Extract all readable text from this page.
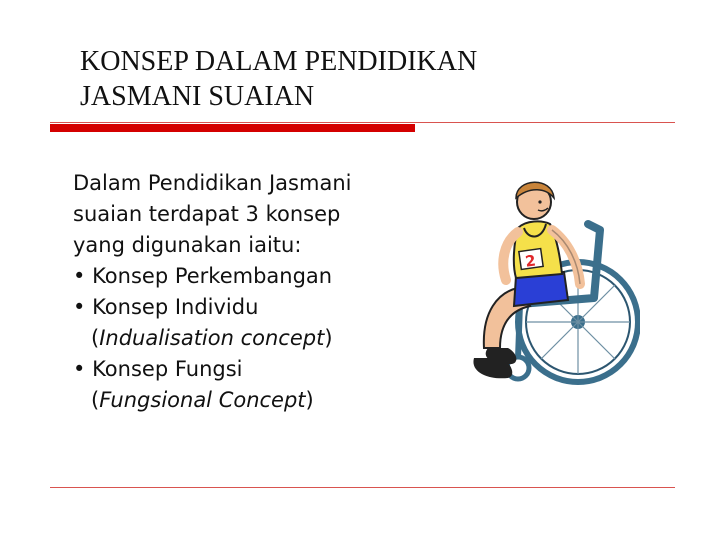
KONSEP DALAM PENDIDIKAN
JASMANI SUAIAN
Dalam Pendidikan Jasmani
suaian terdapat 3 konsep
yang digunakan iaitu:
• Konsep Perkembangan
• Konsep Individu
(Indualisation concept)
• Konsep Fungsi
(Fungsional Concept)
2
